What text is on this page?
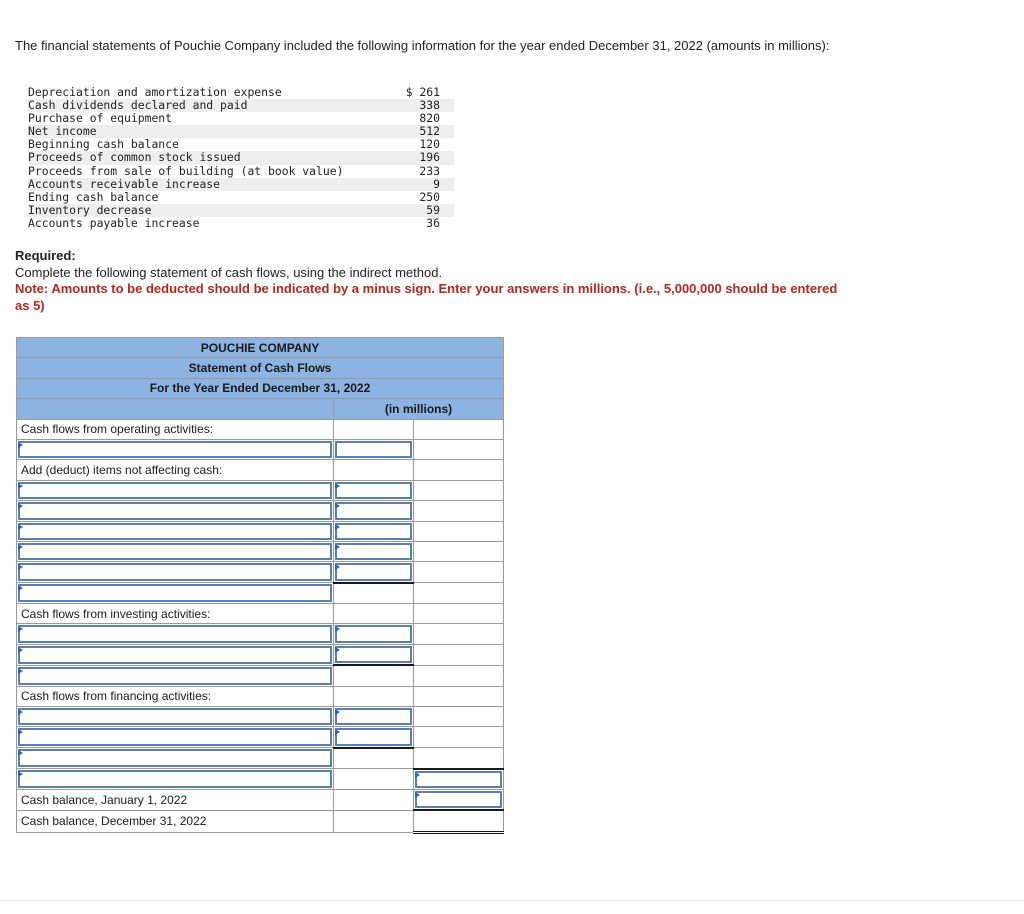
The financial statements of Pouchie Company included the following information for the year ended December 31, 2022 (amounts in millions):
Depreciation and amortization expense	$ 261
Cash dividends declared and paid	338
Purchase of equipment	820
Net income	512
Beginning cash balance	120
Proceeds of common stock issued	196
Proceeds from sale of building (at book value)	233
Accounts receivable increase	9
Ending cash balance	250
Inventory decrease	59
Accounts payable increase	36
Required:
Complete the following statement of cash flows, using the indirect method.
Note: Amounts to be deducted should be indicated by a minus sign. Enter your answers in millions. (i.e., 5,000,000 should be entered as 5)
POUCHIE COMPANY		
Statement of Cash Flows		
For the Year Ended December 31, 2022		
	(in millions)	
Cash flows from operating activities:		

Add (deduct) items not affecting cash:		

Cash flows from investing activities:		

Cash flows from financing activities:		

Cash balance, January 1, 2022		

Cash balance, December 31, 2022		
